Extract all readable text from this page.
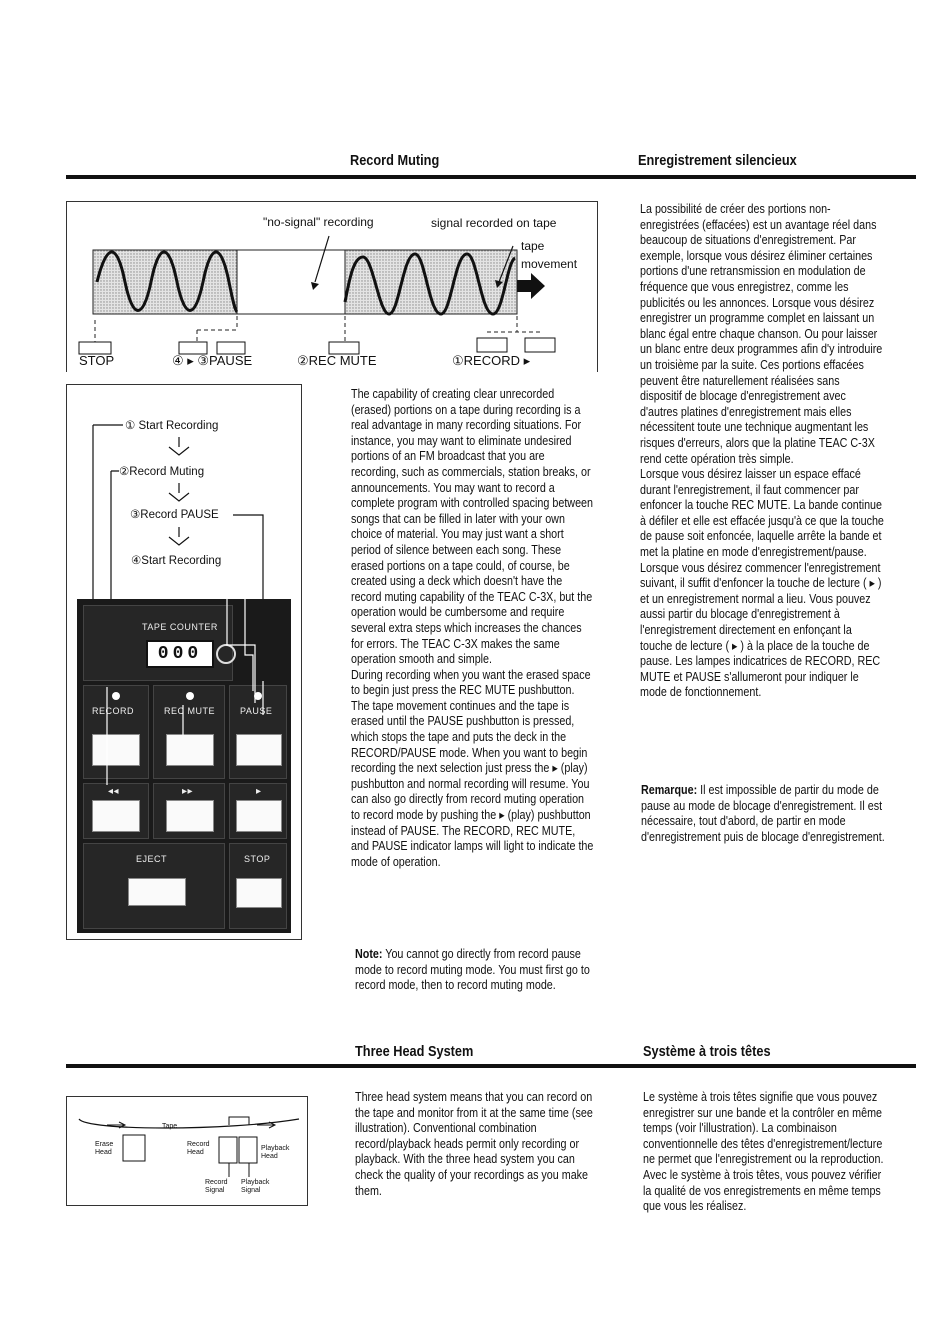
Record Muting	Enregistrement silencieux
Three Head System	Système à trois têtes
"no-signal" recording	signal recorded on tape
tape
movement
STOP	④ ▸ ③PAUSE	②REC MUTE	①RECORD ▸
① Start Recording
②Record Muting
③Record PAUSE
④Start Recording
TAPE COUNTER
000
RECORD	REC MUTE	PAUSE
◂◂	▸▸	▸
EJECT	STOP
The capability of creating clear unrecorded (erased) portions on a tape during recording is a real advantage in many recording situations. For instance, you may want to eliminate undesired portions of an FM broadcast that you are recording, such as commercials, station breaks, or announcements. You may want to record a complete program with controlled spacing between songs that can be filled in later with your own choice of material. You may just want a short period of silence between each song. These erased portions on a tape could, of course, be created using a deck which doesn't have the record muting capability of the TEAC C-3X, but the operation would be cumbersome and require several extra steps which increases the chances for errors. The TEAC C-3X makes the same operation smooth and simple.
During recording when you want the erased space to begin just press the REC MUTE pushbutton. The tape movement continues and the tape is erased until the PAUSE pushbutton is pressed, which stops the tape and puts the deck in the RECORD/PAUSE mode. When you want to begin recording the next selection just press the ▸ (play) pushbutton and normal recording will resume. You can also go directly from record muting operation to record mode by pushing the ▸ (play) pushbutton instead of PAUSE. The RECORD, REC MUTE, and PAUSE indicator lamps will light to indicate the mode of operation.
Note: You cannot go directly from record pause mode to record muting mode. You must first go to record mode, then to record muting mode.
La possibilité de créer des portions non-enregistrées (effacées) est un avantage réel dans beaucoup de situations d'enregistrement. Par exemple, lorsque vous désirez éliminer certaines portions d'une retransmission en modulation de fréquence que vous enregistrez, comme les publicités ou les annonces. Lorsque vous désirez enregistrer un programme complet en laissant un blanc égal entre chaque chanson. Ou pour laisser un blanc entre deux programmes afin d'y introduire un troisième par la suite. Ces portions effacées peuvent être naturellement réalisées sans dispositif de blocage d'enregistrement avec d'autres platines d'enregistrement mais elles nécessitent toute une technique augmentant les risques d'erreurs, alors que la platine TEAC C-3X rend cette opération très simple.
Lorsque vous désirez laisser un espace effacé durant l'enregistrement, il faut commencer par enfoncer la touche REC MUTE. La bande continue à défiler et elle est effacée jusqu'à ce que la touche de pause soit enfoncée, laquelle arrête la bande et met la platine en mode d'enregistrement/pause. Lorsque vous désirez commencer l'enregistrement suivant, il suffit d'enfoncer la touche de lecture ( ▸ ) et un enregistrement normal a lieu. Vous pouvez aussi partir du blocage d'enregistrement à l'enregistrement directement en enfonçant la touche de lecture ( ▸ ) à la place de la touche de pause. Les lampes indicatrices de RECORD, REC MUTE et PAUSE s'allumeront pour indiquer le mode de fonctionnement.
Remarque: Il est impossible de partir du mode de pause au mode de blocage d'enregistrement. Il est nécessaire, tout d'abord, de partir en mode d'enregistrement puis de blocage d'enregistrement.
Tape
Erase
Head
Record
Head
Playback
Head
Record
Signal
Playback
Signal
Three head system means that you can record on the tape and monitor from it at the same time (see illustration). Conventional combination record/playback heads permit only recording or playback. With the three head system you can check the quality of your recordings as you make them.
Le système à trois têtes signifie que vous pouvez enregistrer sur une bande et la contrôler en même temps (voir l'illustration). La combinaison conventionnelle des têtes d'enregistrement/lecture ne permet que l'enregistrement ou la reproduction. Avec le système à trois têtes, vous pouvez vérifier la qualité de vos enregistrements en même temps que vous les réalisez.
